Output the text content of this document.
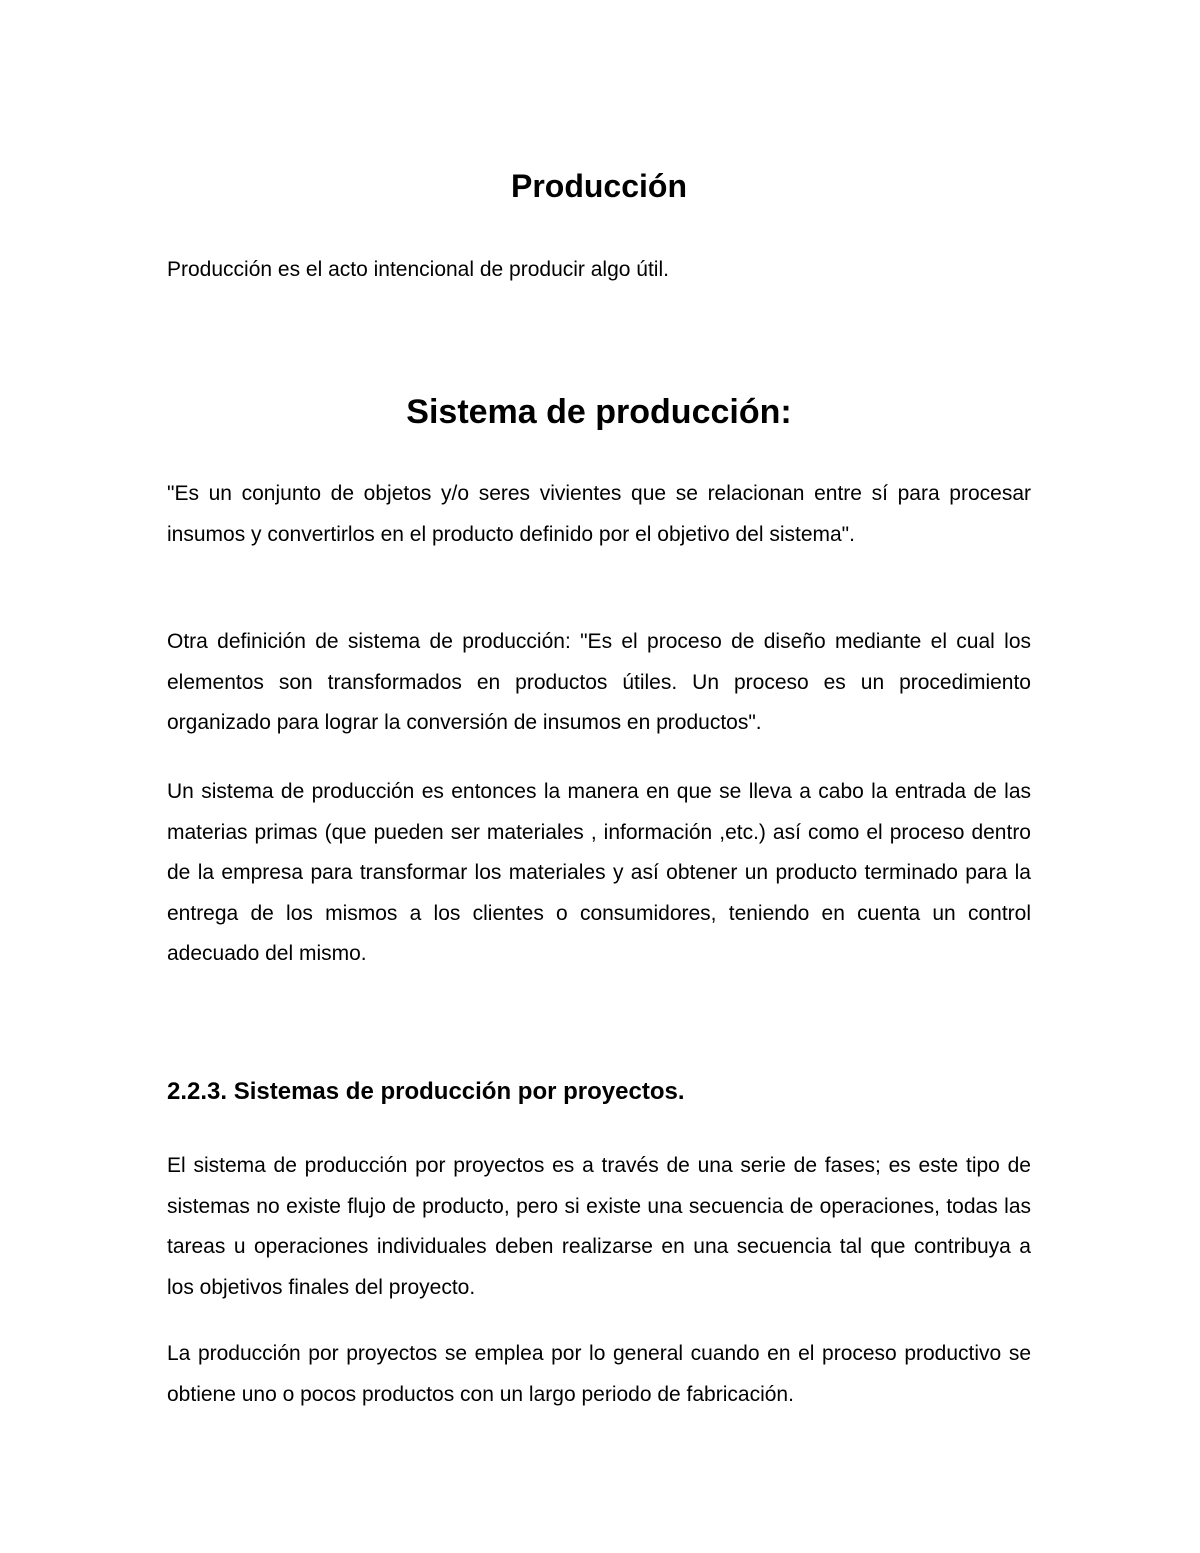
Producción

Producción es el acto intencional de producir algo útil.

Sistema de producción:

"Es un conjunto de objetos y/o seres vivientes que se relacionan entre sí para procesar insumos y convertirlos en el producto definido por el objetivo del sistema".

Otra definición de sistema de producción: "Es el proceso de diseño mediante el cual los elementos son transformados en productos útiles. Un proceso es un procedimiento organizado para lograr la conversión de insumos en productos".

Un sistema de producción es entonces la manera en que se lleva a cabo la entrada de las materias primas (que pueden ser materiales , información ,etc.) así como el proceso dentro de la empresa para transformar los materiales y así obtener un producto terminado para la entrega de los mismos a los clientes o consumidores, teniendo en cuenta un control adecuado del mismo.

2.2.3. Sistemas de producción por proyectos.

El sistema de producción por proyectos es a través de una serie de fases; es este tipo de sistemas no existe flujo de producto, pero si existe una secuencia de operaciones, todas las tareas u operaciones individuales deben realizarse en una secuencia tal que contribuya a los objetivos finales del proyecto.

La producción por proyectos se emplea por lo general cuando en el proceso productivo se obtiene uno o pocos productos con un largo periodo de fabricación.
